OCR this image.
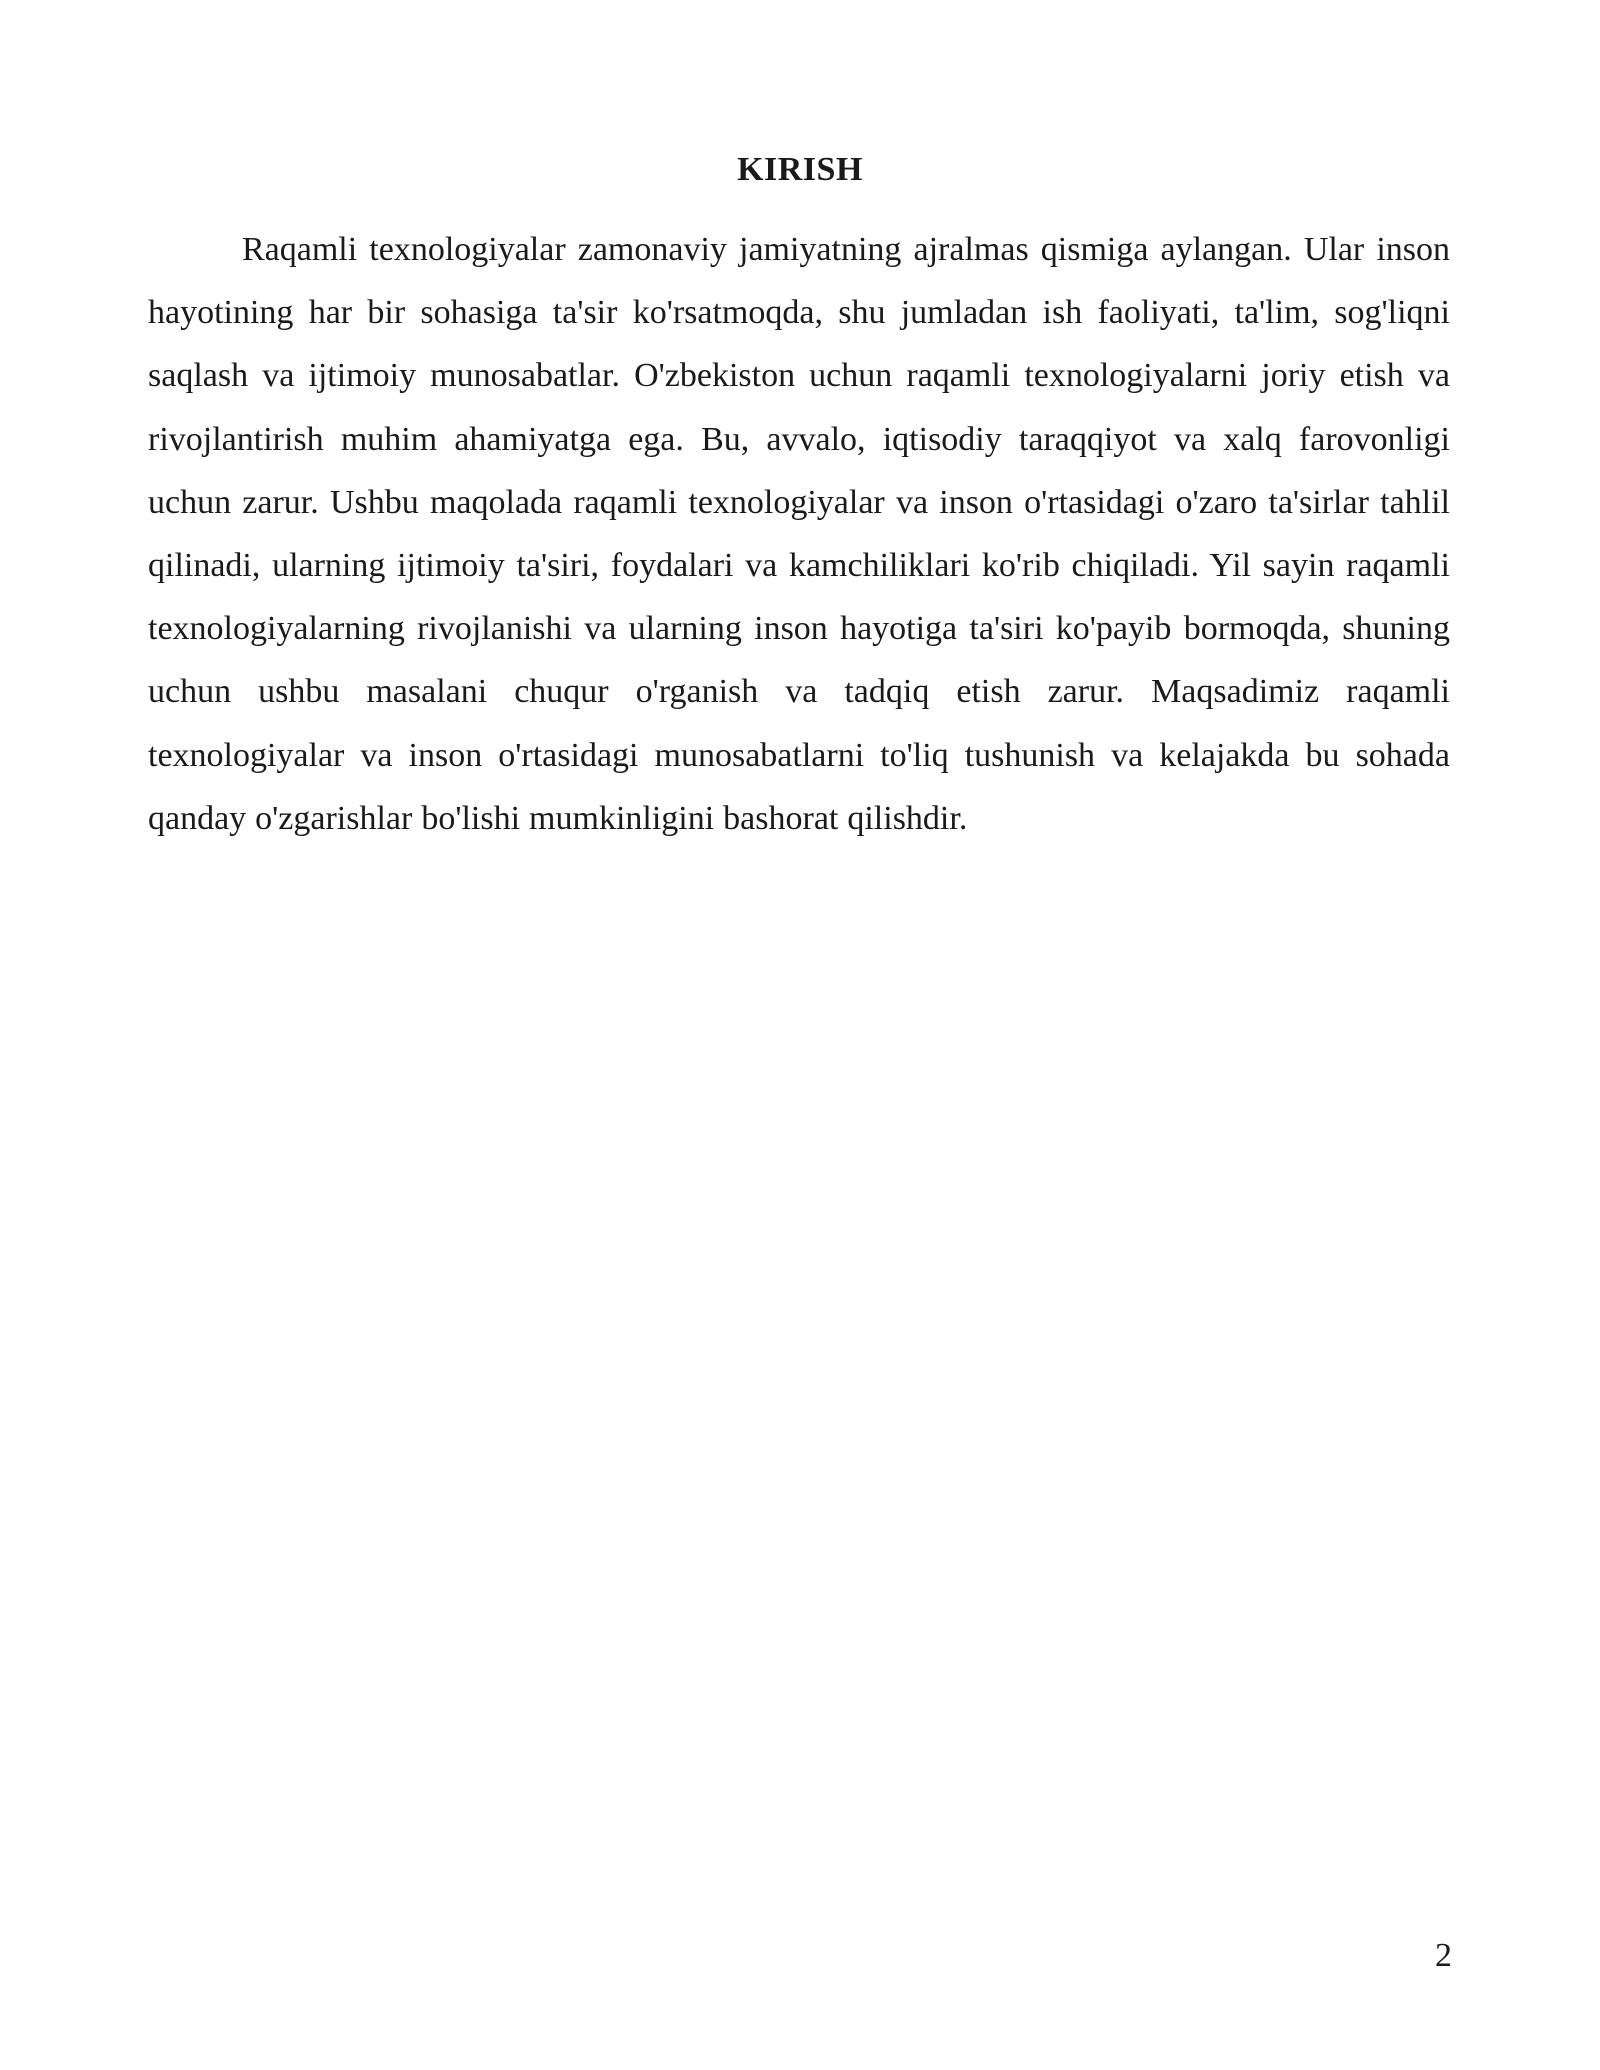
KIRISH

Raqamli texnologiyalar zamonaviy jamiyatning ajralmas qismiga aylangan. Ular inson hayotining har bir sohasiga ta'sir ko'rsatmoqda, shu jumladan ish faoliyati, ta'lim, sog'liqni saqlash va ijtimoiy munosabatlar. O'zbekiston uchun raqamli texnologiyalarni joriy etish va rivojlantirish muhim ahamiyatga ega. Bu, avvalo, iqtisodiy taraqqiyot va xalq farovonligi uchun zarur. Ushbu maqolada raqamli texnologiyalar va inson o'rtasidagi o'zaro ta'sirlar tahlil qilinadi, ularning ijtimoiy ta'siri, foydalari va kamchiliklari ko'rib chiqiladi. Yil sayin raqamli texnologiyalarning rivojlanishi va ularning inson hayotiga ta'siri ko'payib bormoqda, shuning uchun ushbu masalani chuqur o'rganish va tadqiq etish zarur. Maqsadimiz raqamli texnologiyalar va inson o'rtasidagi munosabatlarni to'liq tushunish va kelajakda bu sohada qanday o'zgarishlar bo'lishi mumkinligini bashorat qilishdir.

2
